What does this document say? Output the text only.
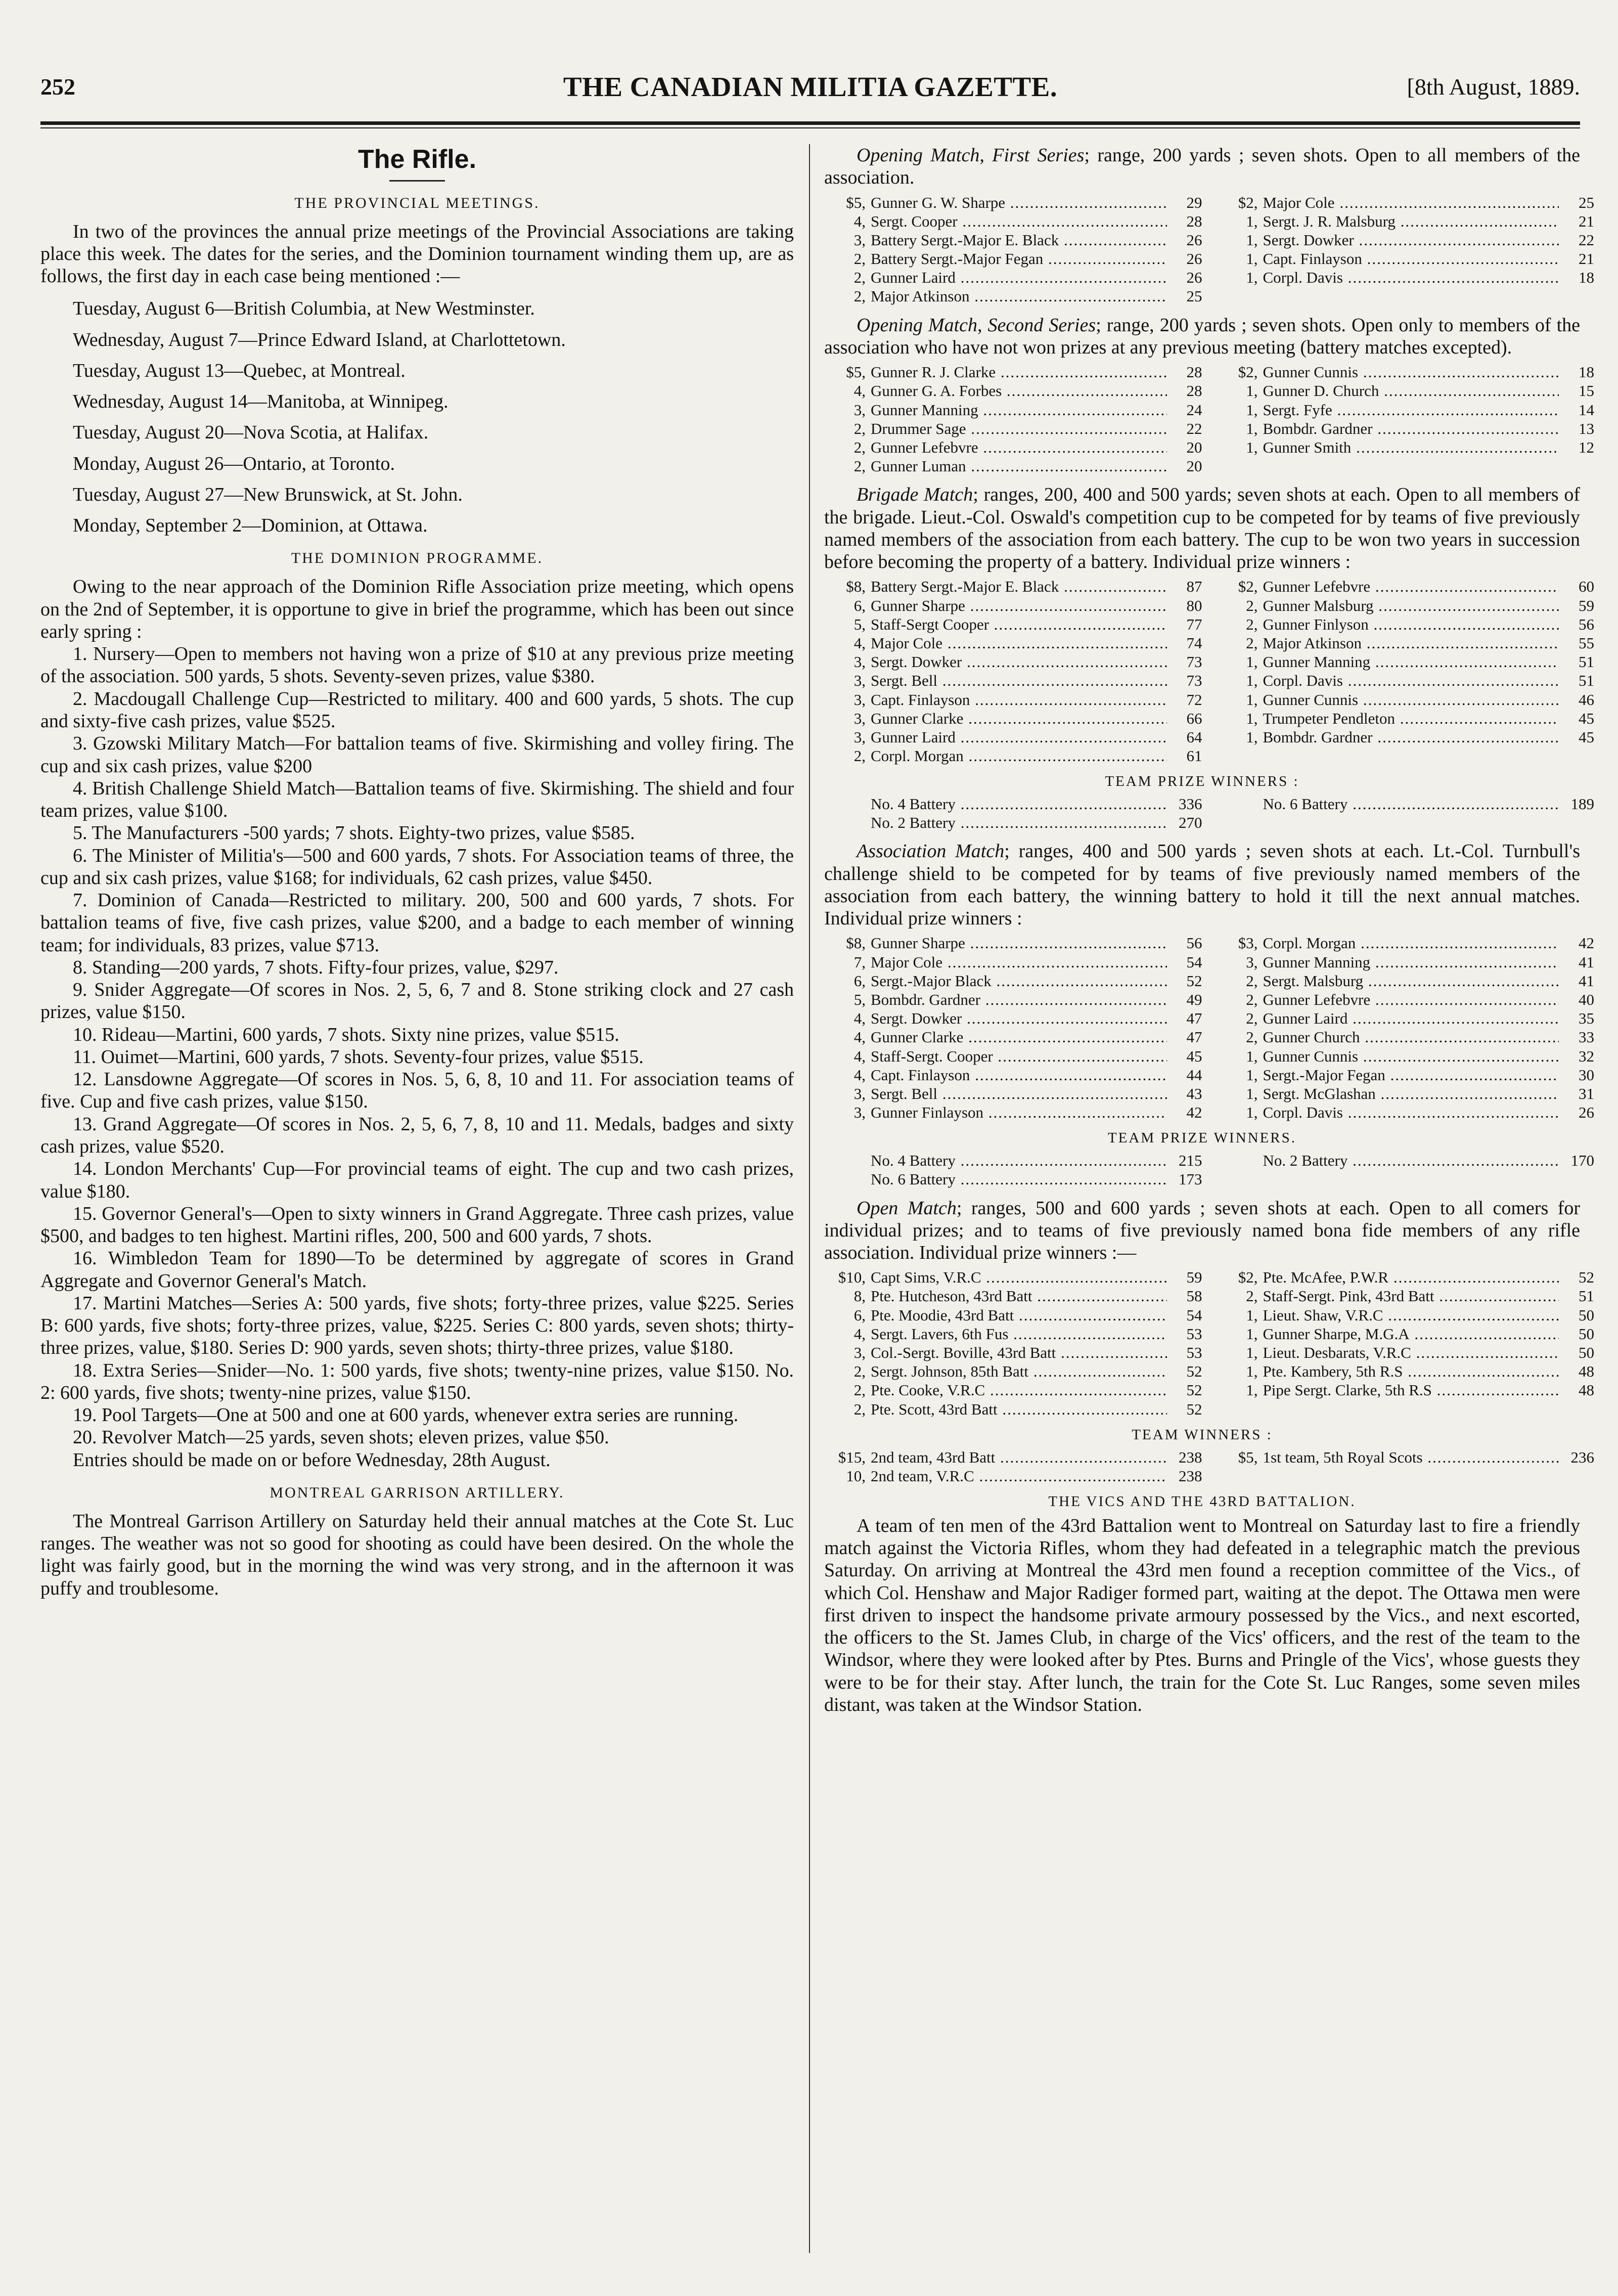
252	THE CANADIAN MILITIA GAZETTE.	[8th August, 1889.
The Rifle.
THE PROVINCIAL MEETINGS.

In two of the provinces the annual prize meetings of the Provincial Associations are taking place this week. The dates for the series, and the Dominion tournament winding them up, are as follows, the first day in each case being mentioned :—

Tuesday, August 6—British Columbia, at New Westminster.

Wednesday, August 7—Prince Edward Island, at Charlottetown.

Tuesday, August 13—Quebec, at Montreal.

Wednesday, August 14—Manitoba, at Winnipeg.

Tuesday, August 20—Nova Scotia, at Halifax.

Monday, August 26—Ontario, at Toronto.

Tuesday, August 27—New Brunswick, at St. John.

Monday, September 2—Dominion, at Ottawa.

THE DOMINION PROGRAMME.

Owing to the near approach of the Dominion Rifle Association prize meeting, which opens on the 2nd of September, it is opportune to give in brief the programme, which has been out since early spring :

1. Nursery—Open to members not having won a prize of $10 at any previous prize meeting of the association. 500 yards, 5 shots. Seventy-seven prizes, value $380.

2. Macdougall Challenge Cup—Restricted to military. 400 and 600 yards, 5 shots. The cup and sixty-five cash prizes, value $525.

3. Gzowski Military Match—For battalion teams of five. Skirmishing and volley firing. The cup and six cash prizes, value $200

4. British Challenge Shield Match—Battalion teams of five. Skirmishing. The shield and four team prizes, value $100.

5. The Manufacturers -500 yards; 7 shots. Eighty-two prizes, value $585.

6. The Minister of Militia's—500 and 600 yards, 7 shots. For Association teams of three, the cup and six cash prizes, value $168; for individuals, 62 cash prizes, value $450.

7. Dominion of Canada—Restricted to military. 200, 500 and 600 yards, 7 shots. For battalion teams of five, five cash prizes, value $200, and a badge to each member of winning team; for individuals, 83 prizes, value $713.

8. Standing—200 yards, 7 shots. Fifty-four prizes, value, $297.

9. Snider Aggregate—Of scores in Nos. 2, 5, 6, 7 and 8. Stone striking clock and 27 cash prizes, value $150.

10. Rideau—Martini, 600 yards, 7 shots. Sixty nine prizes, value $515.

11. Ouimet—Martini, 600 yards, 7 shots. Seventy-four prizes, value $515.

12. Lansdowne Aggregate—Of scores in Nos. 5, 6, 8, 10 and 11. For association teams of five. Cup and five cash prizes, value $150.

13. Grand Aggregate—Of scores in Nos. 2, 5, 6, 7, 8, 10 and 11. Medals, badges and sixty cash prizes, value $520.

14. London Merchants' Cup—For provincial teams of eight. The cup and two cash prizes, value $180.

15. Governor General's—Open to sixty winners in Grand Aggregate. Three cash prizes, value $500, and badges to ten highest. Martini rifles, 200, 500 and 600 yards, 7 shots.

16. Wimbledon Team for 1890—To be determined by aggregate of scores in Grand Aggregate and Governor General's Match.

17. Martini Matches—Series A: 500 yards, five shots; forty-three prizes, value $225. Series B: 600 yards, five shots; forty-three prizes, value, $225. Series C: 800 yards, seven shots; thirty-three prizes, value, $180. Series D: 900 yards, seven shots; thirty-three prizes, value $180.

18. Extra Series—Snider—No. 1: 500 yards, five shots; twenty-nine prizes, value $150. No. 2: 600 yards, five shots; twenty-nine prizes, value $150.

19. Pool Targets—One at 500 and one at 600 yards, whenever extra series are running.

20. Revolver Match—25 yards, seven shots; eleven prizes, value $50.

Entries should be made on or before Wednesday, 28th August.

MONTREAL GARRISON ARTILLERY.

The Montreal Garrison Artillery on Saturday held their annual matches at the Cote St. Luc ranges. The weather was not so good for shooting as could have been desired. On the whole the light was fairly good, but in the morning the wind was very strong, and in the afternoon it was puffy and troublesome.

Opening Match, First Series; range, 200 yards ; seven shots. Open to all members of the association.

$5, Gunner G. W. Sharpe .....	29
4, Sergt. Cooper .....	28
3, Battery Sergt.-Major E. Black .....	26
2, Battery Sergt.-Major Fegan .....	26
2, Gunner Laird .....	26
2, Major Atkinson .....	25
$2, Major Cole .....	25
1, Sergt. J. R. Malsburg .....	21
1, Sergt. Dowker .....	22
1, Capt. Finlayson .....	21
1, Corpl. Davis .....	18

Opening Match, Second Series; range, 200 yards ; seven shots. Open only to members of the association who have not won prizes at any previous meeting (battery matches excepted).

$5, Gunner R. J. Clarke .....	28
4, Gunner G. A. Forbes .....	28
3, Gunner Manning .....	24
2, Drummer Sage .....	22
2, Gunner Lefebvre .....	20
2, Gunner Luman .....	20
$2, Gunner Cunnis .....	18
1, Gunner D. Church .....	15
1, Sergt. Fyfe .....	14
1, Bombdr. Gardner .....	13
1, Gunner Smith .....	12

Brigade Match; ranges, 200, 400 and 500 yards; seven shots at each. Open to all members of the brigade. Lieut.-Col. Oswald's competition cup to be competed for by teams of five previously named members of the association from each battery. The cup to be won two years in succession before becoming the property of a battery. Individual prize winners :

$8, Battery Sergt.-Major E. Black .....	87
6, Gunner Sharpe .....	80
5, Staff-Sergt Cooper .....	77
4, Major Cole .....	74
3, Sergt. Dowker .....	73
3, Sergt. Bell .....	73
3, Capt. Finlayson .....	72
3, Gunner Clarke .....	66
3, Gunner Laird .....	64
2, Corpl. Morgan .....	61
$2, Gunner Lefebvre .....	60
2, Gunner Malsburg .....	59
2, Gunner Finlyson .....	56
2, Major Atkinson .....	55
1, Gunner Manning .....	51
1, Corpl. Davis .....	51
1, Gunner Cunnis .....	46
1, Trumpeter Pendleton .....	45
1, Bombdr. Gardner .....	45
TEAM PRIZE WINNERS :
No. 4 Battery .....	336
No. 2 Battery .....	270
No. 6 Battery .....	189

Association Match; ranges, 400 and 500 yards ; seven shots at each. Lt.-Col. Turnbull's challenge shield to be competed for by teams of five previously named members of the association from each battery, the winning battery to hold it till the next annual matches. Individual prize winners :

$8, Gunner Sharpe .....	56
7, Major Cole .....	54
6, Sergt.-Major Black .....	52
5, Bombdr. Gardner .....	49
4, Sergt. Dowker .....	47
4, Gunner Clarke .....	47
4, Staff-Sergt. Cooper .....	45
4, Capt. Finlayson .....	44
3, Sergt. Bell .....	43
3, Gunner Finlayson .....	42
$3, Corpl. Morgan .....	42
3, Gunner Manning .....	41
2, Sergt. Malsburg .....	41
2, Gunner Lefebvre .....	40
2, Gunner Laird .....	35
2, Gunner Church .....	33
1, Gunner Cunnis .....	32
1, Sergt.-Major Fegan .....	30
1, Sergt. McGlashan .....	31
1, Corpl. Davis .....	26
TEAM PRIZE WINNERS.
No. 4 Battery .....	215
No. 6 Battery .....	173
No. 2 Battery .....	170

Open Match; ranges, 500 and 600 yards ; seven shots at each. Open to all comers for individual prizes; and to teams of five previously named bona fide members of any rifle association. Individual prize winners :—

$10, Capt Sims, V.R.C .....	59
8, Pte. Hutcheson, 43rd Batt .....	58
6, Pte. Moodie, 43rd Batt .....	54
4, Sergt. Lavers, 6th Fus .....	53
3, Col.-Sergt. Boville, 43rd Batt .....	53
2, Sergt. Johnson, 85th Batt .....	52
2, Pte. Cooke, V.R.C .....	52
2, Pte. Scott, 43rd Batt .....	52
$2, Pte. McAfee, P.W.R .....	52
2, Staff-Sergt. Pink, 43rd Batt .....	51
1, Lieut. Shaw, V.R.C .....	50
1, Gunner Sharpe, M.G.A .....	50
1, Lieut. Desbarats, V.R.C .....	50
1, Pte. Kambery, 5th R.S .....	48
1, Pipe Sergt. Clarke, 5th R.S .....	48
TEAM WINNERS :
$15, 2nd team, 43rd Batt .....	238
10, 2nd team, V.R.C .....	238
$5, 1st team, 5th Royal Scots .....	236
THE VICS AND THE 43RD BATTALION.

A team of ten men of the 43rd Battalion went to Montreal on Saturday last to fire a friendly match against the Victoria Rifles, whom they had defeated in a telegraphic match the previous Saturday. On arriving at Montreal the 43rd men found a reception committee of the Vics., of which Col. Henshaw and Major Radiger formed part, waiting at the depot. The Ottawa men were first driven to inspect the handsome private armoury possessed by the Vics., and next escorted, the officers to the St. James Club, in charge of the Vics' officers, and the rest of the team to the Windsor, where they were looked after by Ptes. Burns and Pringle of the Vics', whose guests they were to be for their stay. After lunch, the train for the Cote St. Luc Ranges, some seven miles distant, was taken at the Windsor Station.
